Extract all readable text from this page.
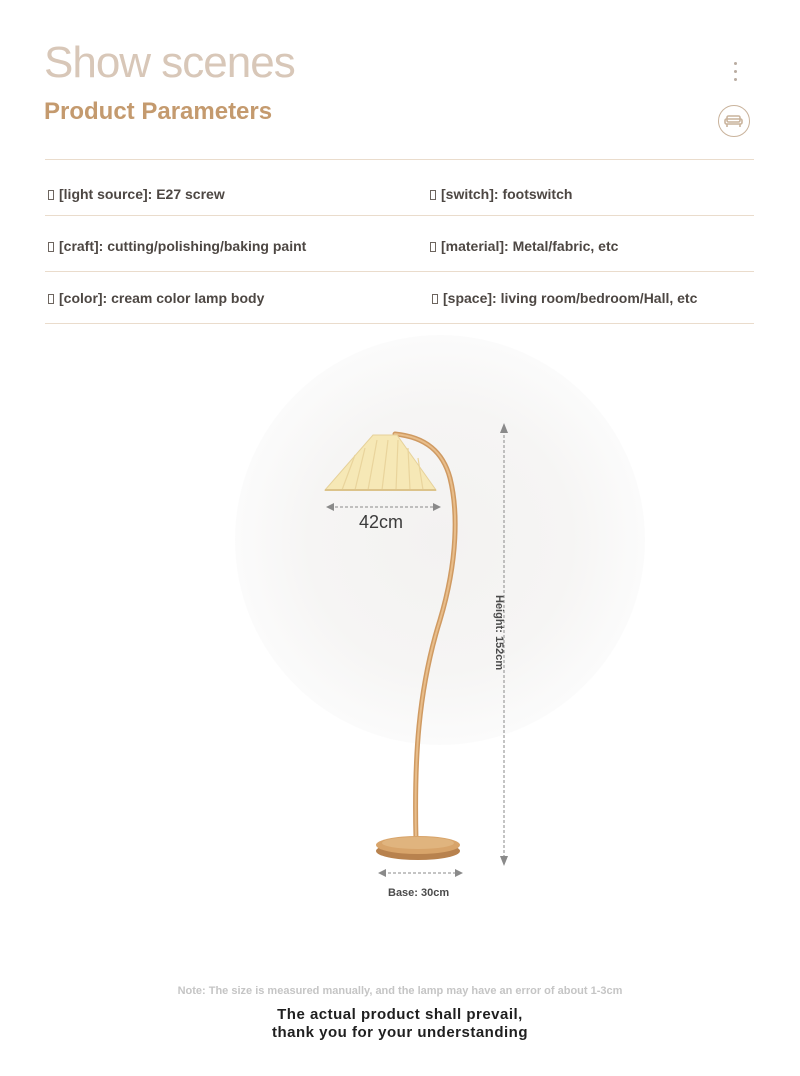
Show scenes
Product Parameters
[light source]: E27 screw	[switch]: footswitch
[craft]: cutting/polishing/baking paint	[material]: Metal/fabric, etc
[color]: cream color lamp body	[space]: living room/bedroom/Hall, etc
42cm
Height: 152cm
Base: 30cm
Note: The size is measured manually, and the lamp may have an error of about 1-3cm
The actual product shall prevail,
thank you for your understanding
